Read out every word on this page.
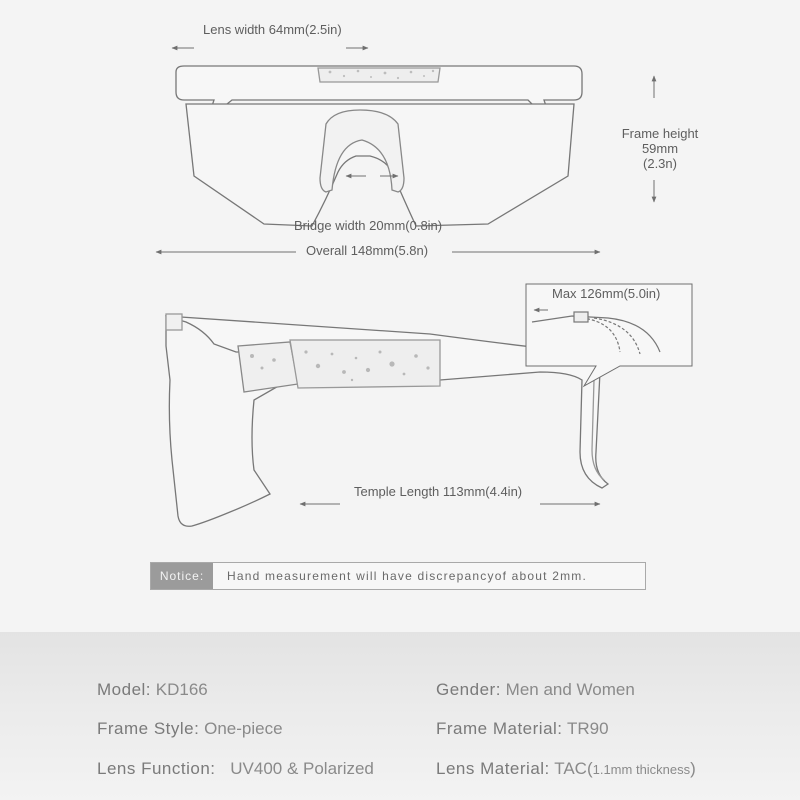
Lens width 64mm(2.5in)
Frame height
59mm
(2.3n)
Bridge width 20mm(0.8in)
Overall 148mm(5.8n)
Max 126mm(5.0in)
Temple Length 113mm(4.4in)
Notice:	Hand measurement will have discrepancyof about 2mm.
Model: KD166	Gender: Men and Women
Frame Style: One-piece	Frame Material: TR90
Lens Function: UV400 & Polarized	Lens Material: TAC(1.1mm thickness)
